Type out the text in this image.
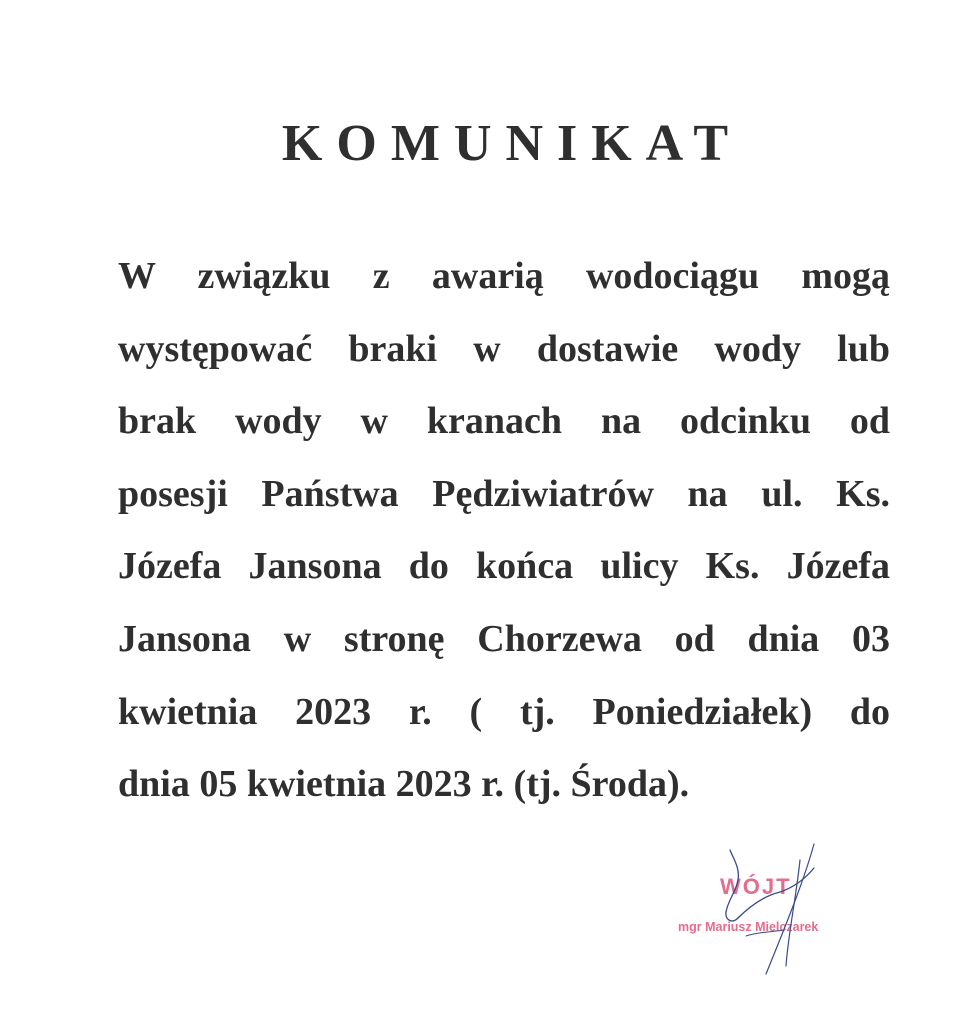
KOMUNIKAT
W związku z awarią wodociągu mogą
występować braki w dostawie wody lub
brak wody w kranach na odcinku od
posesji Państwa Pędziwiatrów na ul. Ks.
Józefa Jansona do końca ulicy Ks. Józefa
Jansona w stronę Chorzewa od dnia 03
kwietnia 2023 r. ( tj. Poniedziałek) do
dnia 05 kwietnia 2023 r. (tj. Środa).
WÓJT
mgr Mariusz Mielczarek
